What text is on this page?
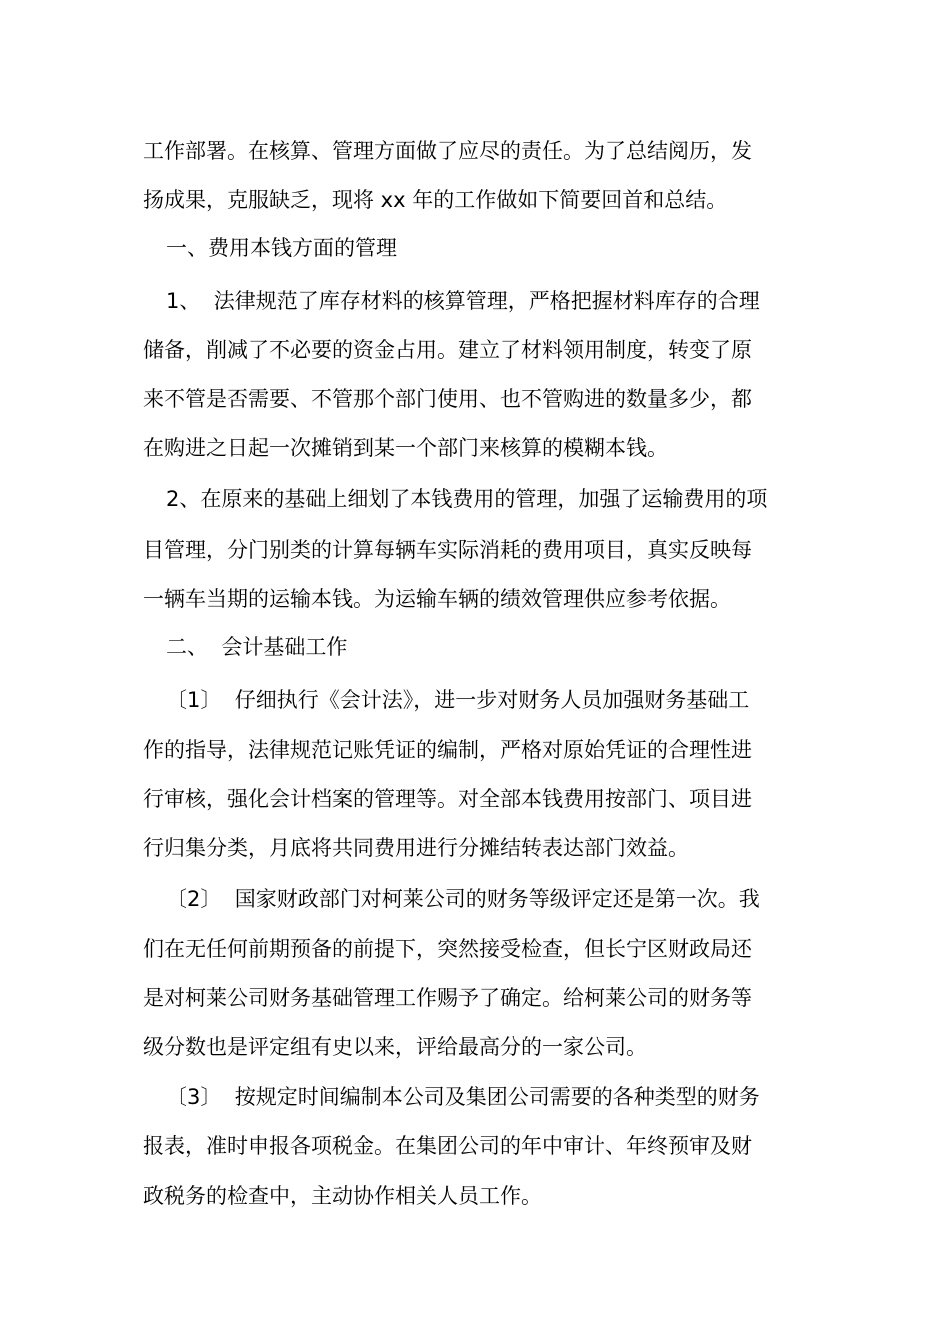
工作部署。在核算、管理方面做了应尽的责任。为了总结阅历，发
扬成果，克服缺乏，现将 xx 年的工作做如下简要回首和总结。
一、费用本钱方面的管理
1、  法律规范了库存材料的核算管理，严格把握材料库存的合理
储备，削减了不必要的资金占用。建立了材料领用制度，转变了原
来不管是否需要、不管那个部门使用、也不管购进的数量多少，都
在购进之日起一次摊销到某一个部门来核算的模糊本钱。
2、在原来的基础上细划了本钱费用的管理，加强了运输费用的项
目管理，分门别类的计算每辆车实际消耗的费用项目，真实反映每
一辆车当期的运输本钱。为运输车辆的绩效管理供应参考依据。
二、  会计基础工作
〔1〕  仔细执行《会计法》，进一步对财务人员加强财务基础工
作的指导，法律规范记账凭证的编制，严格对原始凭证的合理性进
行审核，强化会计档案的管理等。对全部本钱费用按部门、项目进
行归集分类，月底将共同费用进行分摊结转表达部门效益。
〔2〕  国家财政部门对柯莱公司的财务等级评定还是第一次。我
们在无任何前期预备的前提下，突然接受检查，但长宁区财政局还
是对柯莱公司财务基础管理工作赐予了确定。给柯莱公司的财务等
级分数也是评定组有史以来，评给最高分的一家公司。
〔3〕  按规定时间编制本公司及集团公司需要的各种类型的财务
报表，准时申报各项税金。在集团公司的年中审计、年终预审及财
政税务的检查中，主动协作相关人员工作。
